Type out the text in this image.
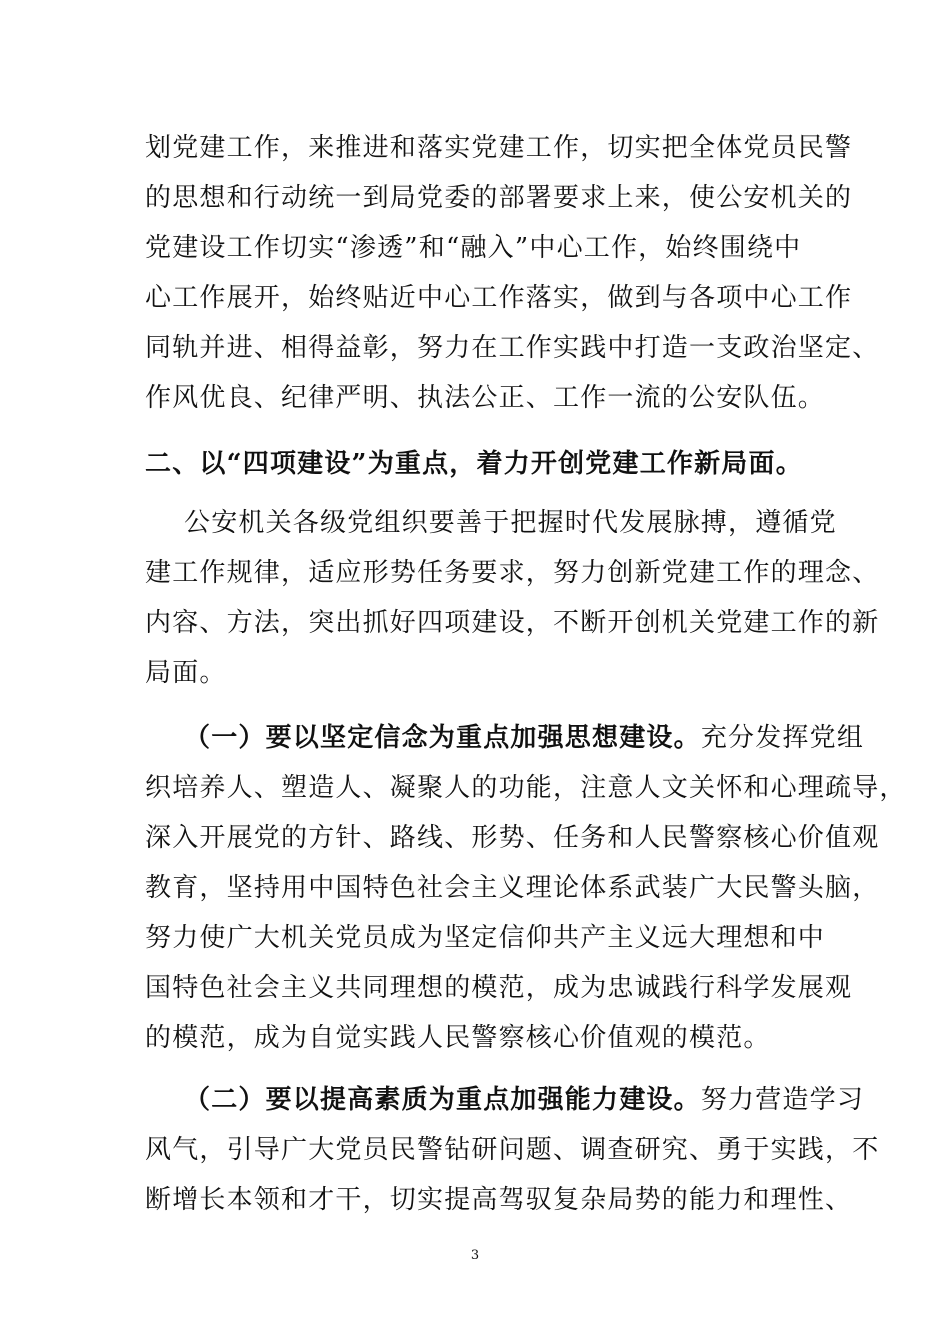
划党建工作，来推进和落实党建工作，切实把全体党员民警
的思想和行动统一到局党委的部署要求上来，使公安机关的
党建设工作切实“渗透”和“融入”中心工作，始终围绕中
心工作展开，始终贴近中心工作落实，做到与各项中心工作
同轨并进、相得益彰，努力在工作实践中打造一支政治坚定、
作风优良、纪律严明、执法公正、工作一流的公安队伍。
二、以“四项建设”为重点，着力开创党建工作新局面。
公安机关各级党组织要善于把握时代发展脉搏，遵循党
建工作规律，适应形势任务要求，努力创新党建工作的理念、
内容、方法，突出抓好四项建设，不断开创机关党建工作的新
局面。
（一）要以坚定信念为重点加强思想建设。充分发挥党组
织培养人、塑造人、凝聚人的功能，注意人文关怀和心理疏导，
深入开展党的方针、路线、形势、任务和人民警察核心价值观
教育，坚持用中国特色社会主义理论体系武装广大民警头脑，
努力使广大机关党员成为坚定信仰共产主义远大理想和中
国特色社会主义共同理想的模范，成为忠诚践行科学发展观
的模范，成为自觉实践人民警察核心价值观的模范。
（二）要以提高素质为重点加强能力建设。努力营造学习
风气，引导广大党员民警钻研问题、调查研究、勇于实践，不
断增长本领和才干，切实提高驾驭复杂局势的能力和理性、
3
